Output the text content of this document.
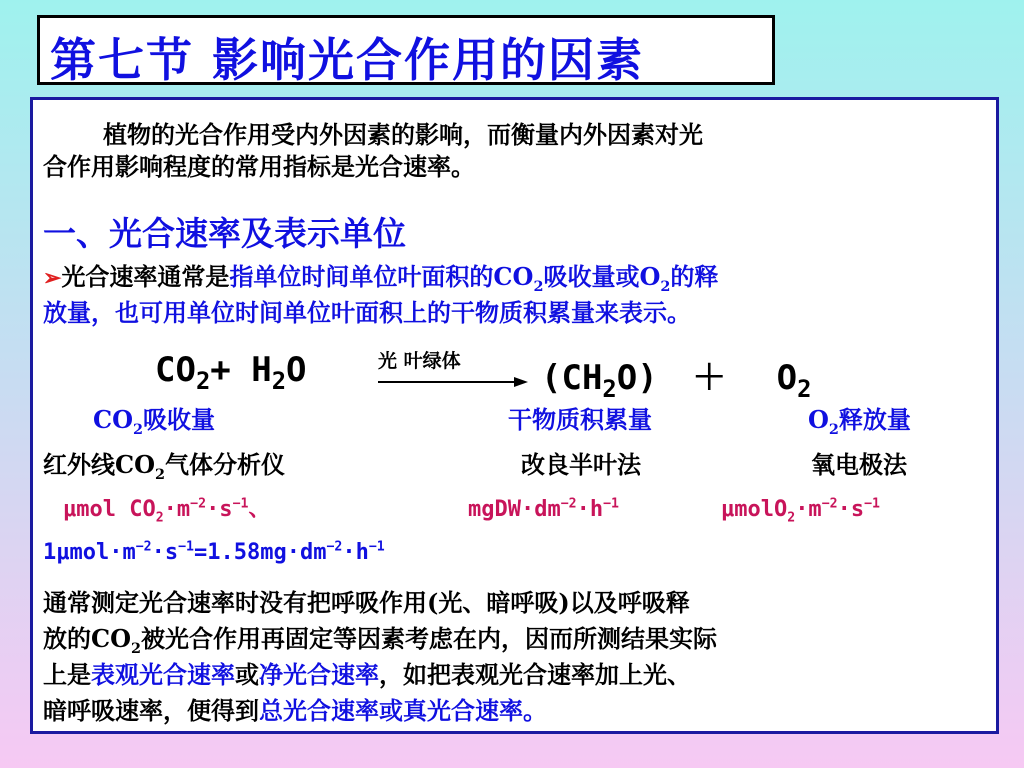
第七节 影响光合作用的因素
植物的光合作用受内外因素的影响，而衡量内外因素对光
合作用影响程度的常用指标是光合速率。
一、光合速率及表示单位
➢光合速率通常是指单位时间单位叶面积的$CO_2$吸收量或$O_2$的释
放量，也可用单位时间单位叶面积上的干物质积累量来表示。
$CO_2+ H_2O$	光 叶绿体 $(CH_2O) + O_2$
$CO_2$吸收量	干物质积累量	$O_2$释放量
红外线$CO_2$气体分析仪	改良半叶法	氧电极法
μmol $CO_2\cdot m^{-2}\cdot s^{-1}$、	$mgDW\cdot dm^{-2}\cdot h^{-1}$	$\mu molO_2\cdot m^{-2}\cdot s^{-1}$
$1\mu mol\cdot m^{-2}\cdot s^{-1}=1.58mg\cdot dm^{-2}\cdot h^{-1}$
通常测定光合速率时没有把呼吸作用(光、暗呼吸)以及呼吸释
放的$CO_2$被光合作用再固定等因素考虑在内，因而所测结果实际
上是表观光合速率或净光合速率，如把表观光合速率加上光、
暗呼吸速率，便得到总光合速率或真光合速率。
